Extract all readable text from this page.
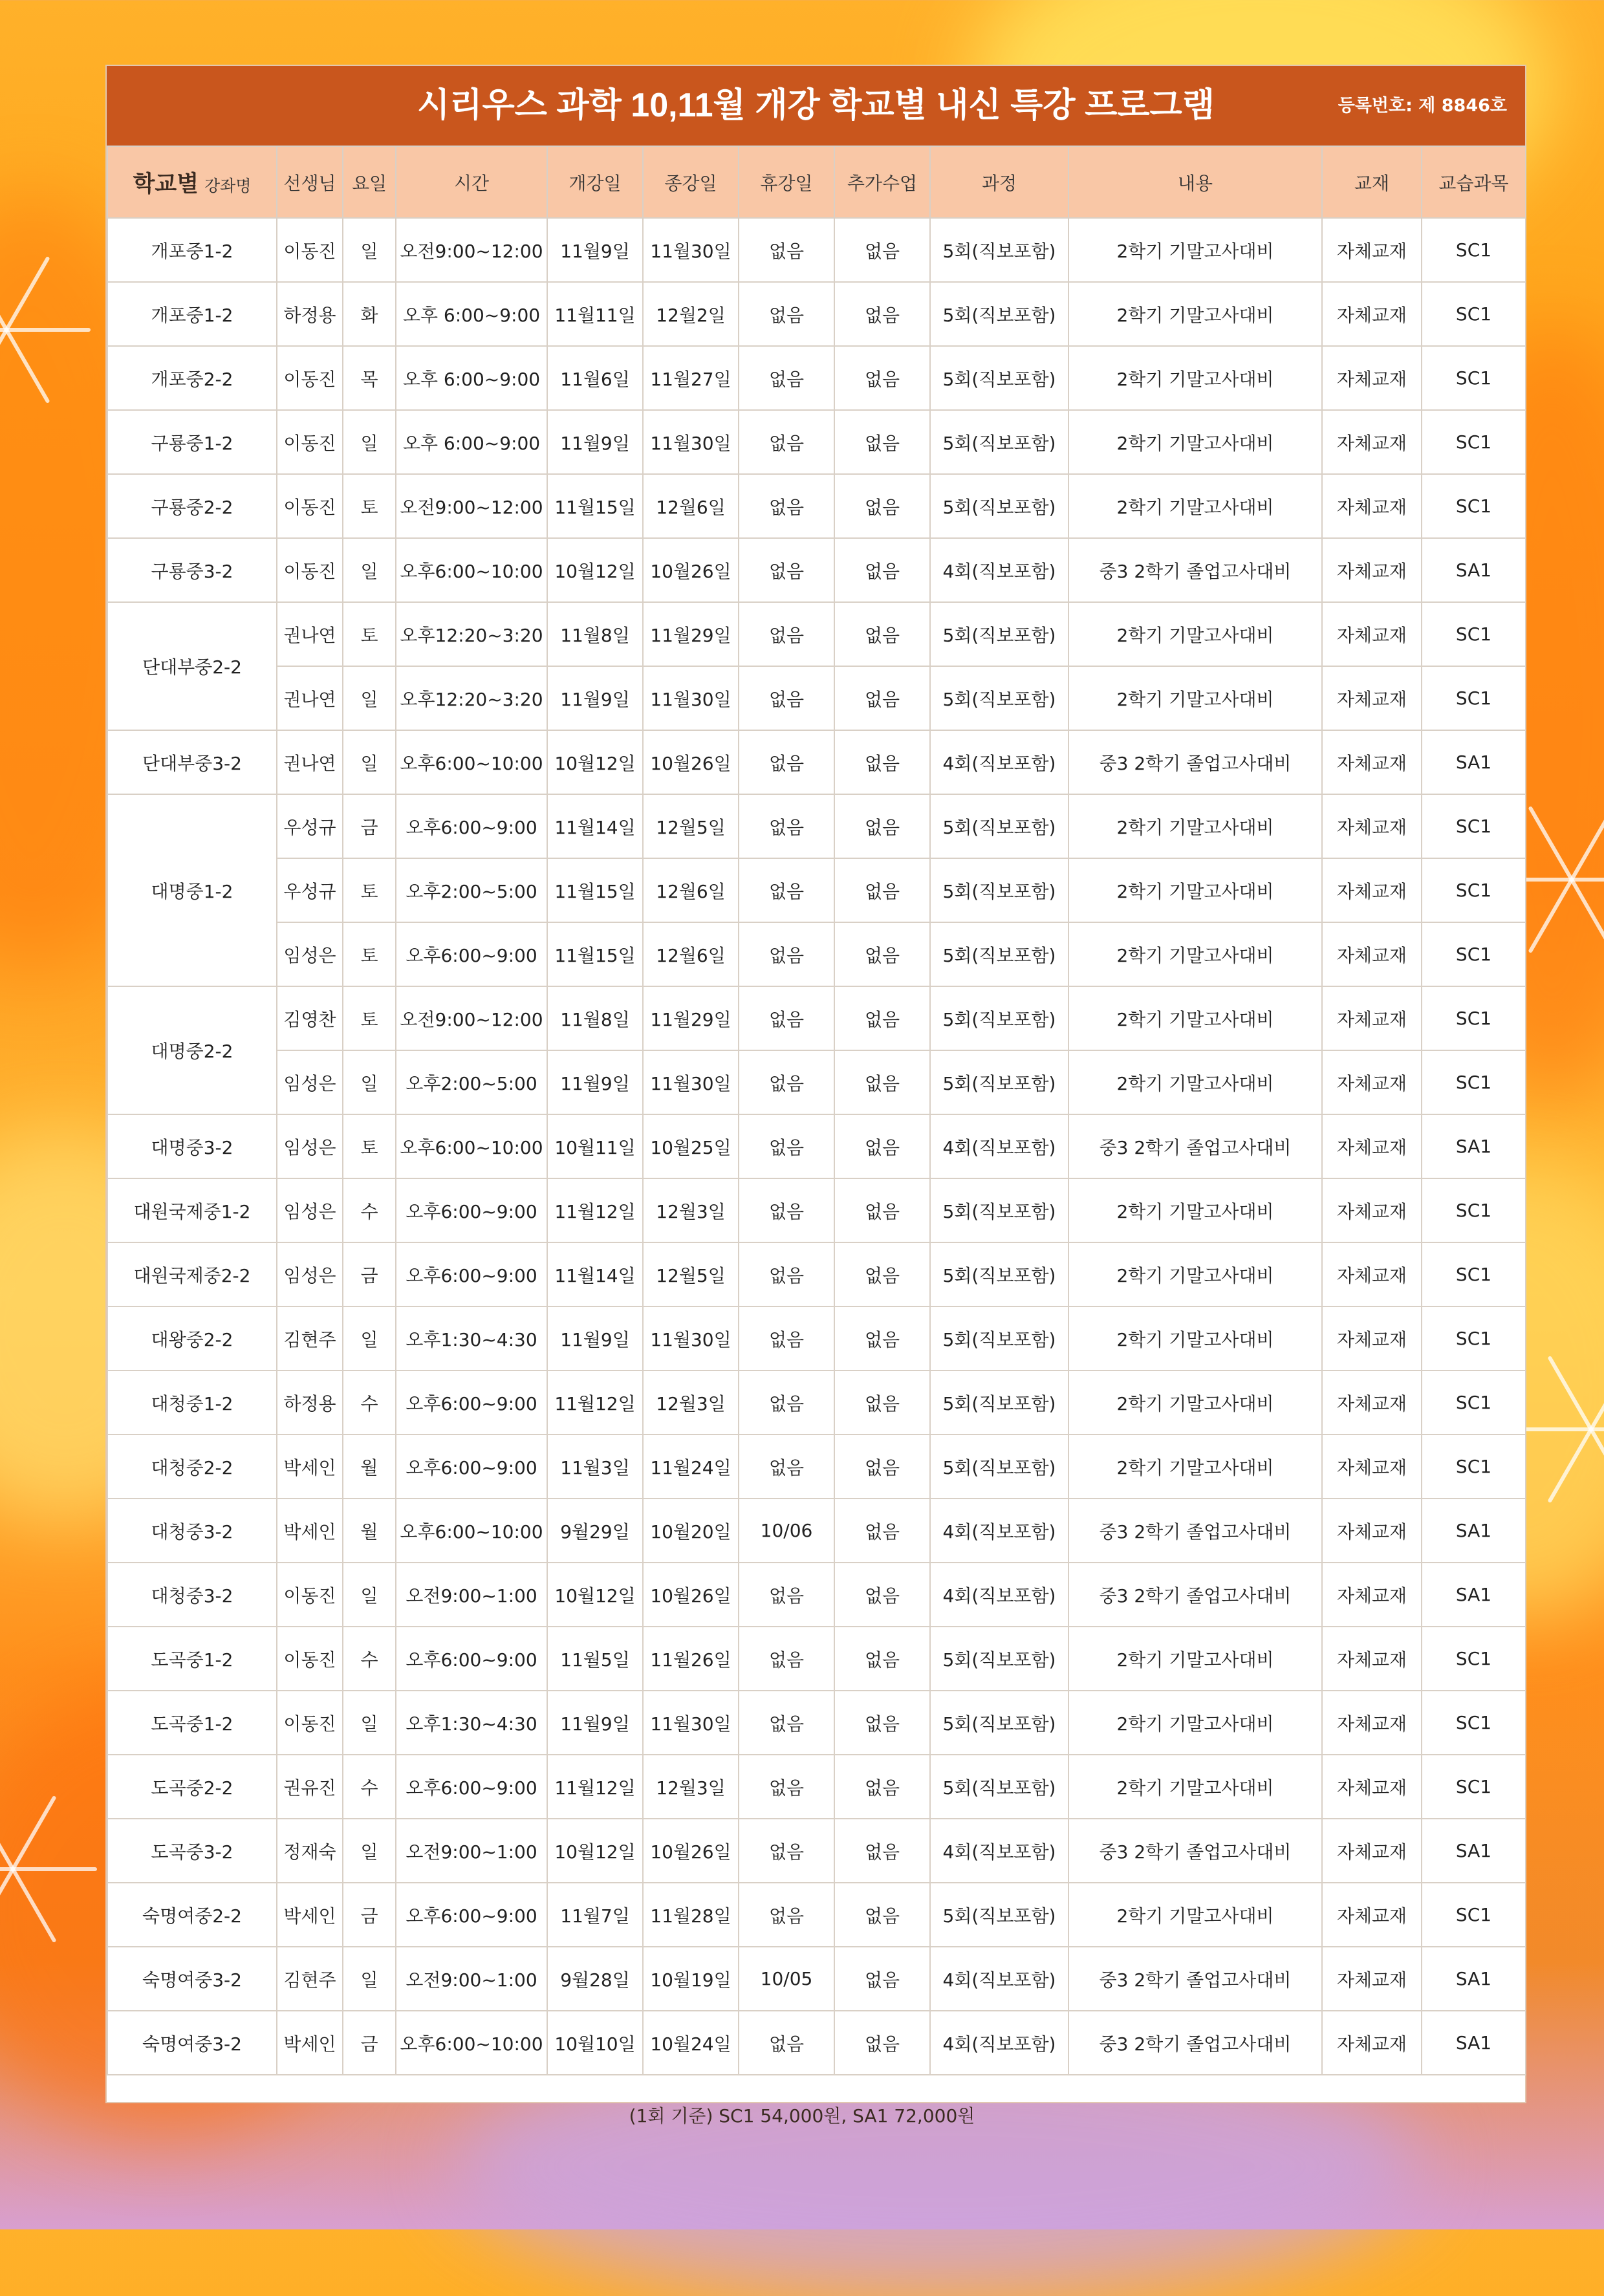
시리우스 과학 10,11월 개강 학교별 내신 특강 프로그램	등록번호: 제 8846호
학교별 강좌명	선생님	요일	시간	개강일	종강일	휴강일	추가수업	과정	내용	교재	교습과목
개포중1-2	이동진	일	오전9:00~12:00	11월9일	11월30일	없음	없음	5회(직보포함)	2학기 기말고사대비	자체교재	SC1
개포중1-2	하정용	화	오후 6:00~9:00	11월11일	12월2일	없음	없음	5회(직보포함)	2학기 기말고사대비	자체교재	SC1
개포중2-2	이동진	목	오후 6:00~9:00	11월6일	11월27일	없음	없음	5회(직보포함)	2학기 기말고사대비	자체교재	SC1
구룡중1-2	이동진	일	오후 6:00~9:00	11월9일	11월30일	없음	없음	5회(직보포함)	2학기 기말고사대비	자체교재	SC1
구룡중2-2	이동진	토	오전9:00~12:00	11월15일	12월6일	없음	없음	5회(직보포함)	2학기 기말고사대비	자체교재	SC1
구룡중3-2	이동진	일	오후6:00~10:00	10월12일	10월26일	없음	없음	4회(직보포함)	중3 2학기 졸업고사대비	자체교재	SA1
단대부중2-2	권나연	토	오후12:20~3:20	11월8일	11월29일	없음	없음	5회(직보포함)	2학기 기말고사대비	자체교재	SC1
	권나연	일	오후12:20~3:20	11월9일	11월30일	없음	없음	5회(직보포함)	2학기 기말고사대비	자체교재	SC1
단대부중3-2	권나연	일	오후6:00~10:00	10월12일	10월26일	없음	없음	4회(직보포함)	중3 2학기 졸업고사대비	자체교재	SA1
대명중1-2	우성규	금	오후6:00~9:00	11월14일	12월5일	없음	없음	5회(직보포함)	2학기 기말고사대비	자체교재	SC1
	우성규	토	오후2:00~5:00	11월15일	12월6일	없음	없음	5회(직보포함)	2학기 기말고사대비	자체교재	SC1
	임성은	토	오후6:00~9:00	11월15일	12월6일	없음	없음	5회(직보포함)	2학기 기말고사대비	자체교재	SC1
대명중2-2	김영찬	토	오전9:00~12:00	11월8일	11월29일	없음	없음	5회(직보포함)	2학기 기말고사대비	자체교재	SC1
	임성은	일	오후2:00~5:00	11월9일	11월30일	없음	없음	5회(직보포함)	2학기 기말고사대비	자체교재	SC1
대명중3-2	임성은	토	오후6:00~10:00	10월11일	10월25일	없음	없음	4회(직보포함)	중3 2학기 졸업고사대비	자체교재	SA1
대원국제중1-2	임성은	수	오후6:00~9:00	11월12일	12월3일	없음	없음	5회(직보포함)	2학기 기말고사대비	자체교재	SC1
대원국제중2-2	임성은	금	오후6:00~9:00	11월14일	12월5일	없음	없음	5회(직보포함)	2학기 기말고사대비	자체교재	SC1
대왕중2-2	김현주	일	오후1:30~4:30	11월9일	11월30일	없음	없음	5회(직보포함)	2학기 기말고사대비	자체교재	SC1
대청중1-2	하정용	수	오후6:00~9:00	11월12일	12월3일	없음	없음	5회(직보포함)	2학기 기말고사대비	자체교재	SC1
대청중2-2	박세인	월	오후6:00~9:00	11월3일	11월24일	없음	없음	5회(직보포함)	2학기 기말고사대비	자체교재	SC1
대청중3-2	박세인	월	오후6:00~10:00	9월29일	10월20일	10/06	없음	4회(직보포함)	중3 2학기 졸업고사대비	자체교재	SA1
대청중3-2	이동진	일	오전9:00~1:00	10월12일	10월26일	없음	없음	4회(직보포함)	중3 2학기 졸업고사대비	자체교재	SA1
도곡중1-2	이동진	수	오후6:00~9:00	11월5일	11월26일	없음	없음	5회(직보포함)	2학기 기말고사대비	자체교재	SC1
도곡중1-2	이동진	일	오후1:30~4:30	11월9일	11월30일	없음	없음	5회(직보포함)	2학기 기말고사대비	자체교재	SC1
도곡중2-2	권유진	수	오후6:00~9:00	11월12일	12월3일	없음	없음	5회(직보포함)	2학기 기말고사대비	자체교재	SC1
도곡중3-2	정재숙	일	오전9:00~1:00	10월12일	10월26일	없음	없음	4회(직보포함)	중3 2학기 졸업고사대비	자체교재	SA1
숙명여중2-2	박세인	금	오후6:00~9:00	11월7일	11월28일	없음	없음	5회(직보포함)	2학기 기말고사대비	자체교재	SC1
숙명여중3-2	김현주	일	오전9:00~1:00	9월28일	10월19일	10/05	없음	4회(직보포함)	중3 2학기 졸업고사대비	자체교재	SA1
숙명여중3-2	박세인	금	오후6:00~10:00	10월10일	10월24일	없음	없음	4회(직보포함)	중3 2학기 졸업고사대비	자체교재	SA1
(1회 기준) SC1 54,000원, SA1 72,000원
